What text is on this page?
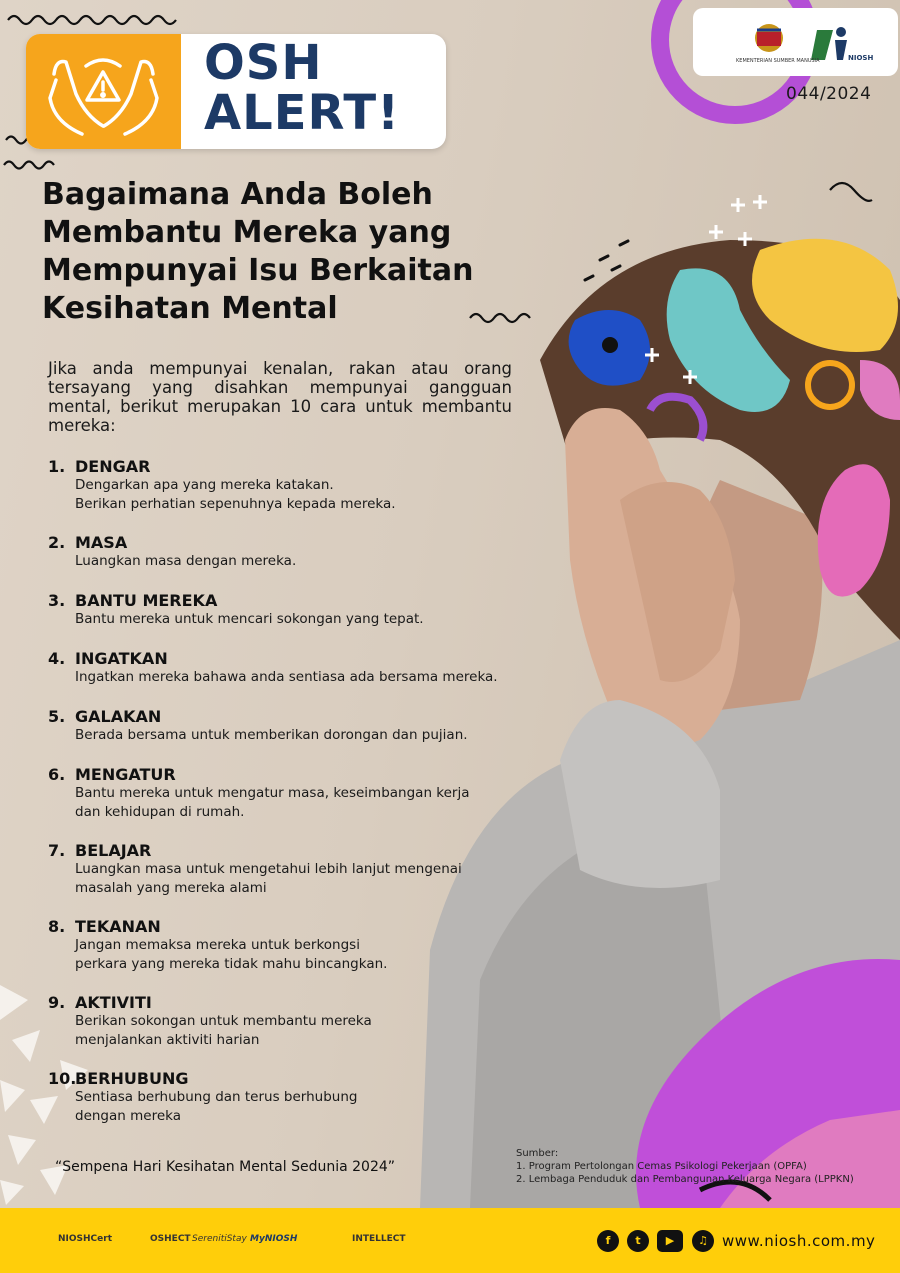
OSH
ALERT!
NIOSH
KEMENTERIAN SUMBER MANUSIA
044/2024
Bagaimana Anda Boleh
Membantu Mereka yang
Mempunyai Isu Berkaitan
Kesihatan Mental

Jika anda mempunyai kenalan, rakan atau orang tersayang yang disahkan mempunyai gangguan mental, berikut merupakan 10 cara untuk membantu mereka:

1. DENGAR
Dengarkan apa yang mereka katakan.
Berikan perhatian sepenuhnya kepada mereka.
2. MASA
Luangkan masa dengan mereka.
3. BANTU MEREKA
Bantu mereka untuk mencari sokongan yang tepat.
4. INGATKAN
Ingatkan mereka bahawa anda sentiasa ada bersama mereka.
5. GALAKAN
Berada bersama untuk memberikan dorongan dan pujian.
6. MENGATUR
Bantu mereka untuk mengatur masa, keseimbangan kerja
dan kehidupan di rumah.
7. BELAJAR
Luangkan masa untuk mengetahui lebih lanjut mengenai
masalah yang mereka alami
8. TEKANAN
Jangan memaksa mereka untuk berkongsi
perkara yang mereka tidak mahu bincangkan.
9. AKTIVITI
Berikan sokongan untuk membantu mereka
menjalankan aktiviti harian
10.BERHUBUNG
Sentiasa berhubung dan terus berhubung
dengan mereka
“Sempena Hari Kesihatan Mental Sedunia 2024”
Sumber:
1. Program Pertolongan Cemas Psikologi Pekerjaan (OPFA)
2. Lembaga Penduduk dan Pembangunan Keluarga Negara (LPPKN)
NIOSHCert	OSHECT SerenitiStay MyNIOSH	INTELLECT	f	t	▶	♫ www.niosh.com.my
